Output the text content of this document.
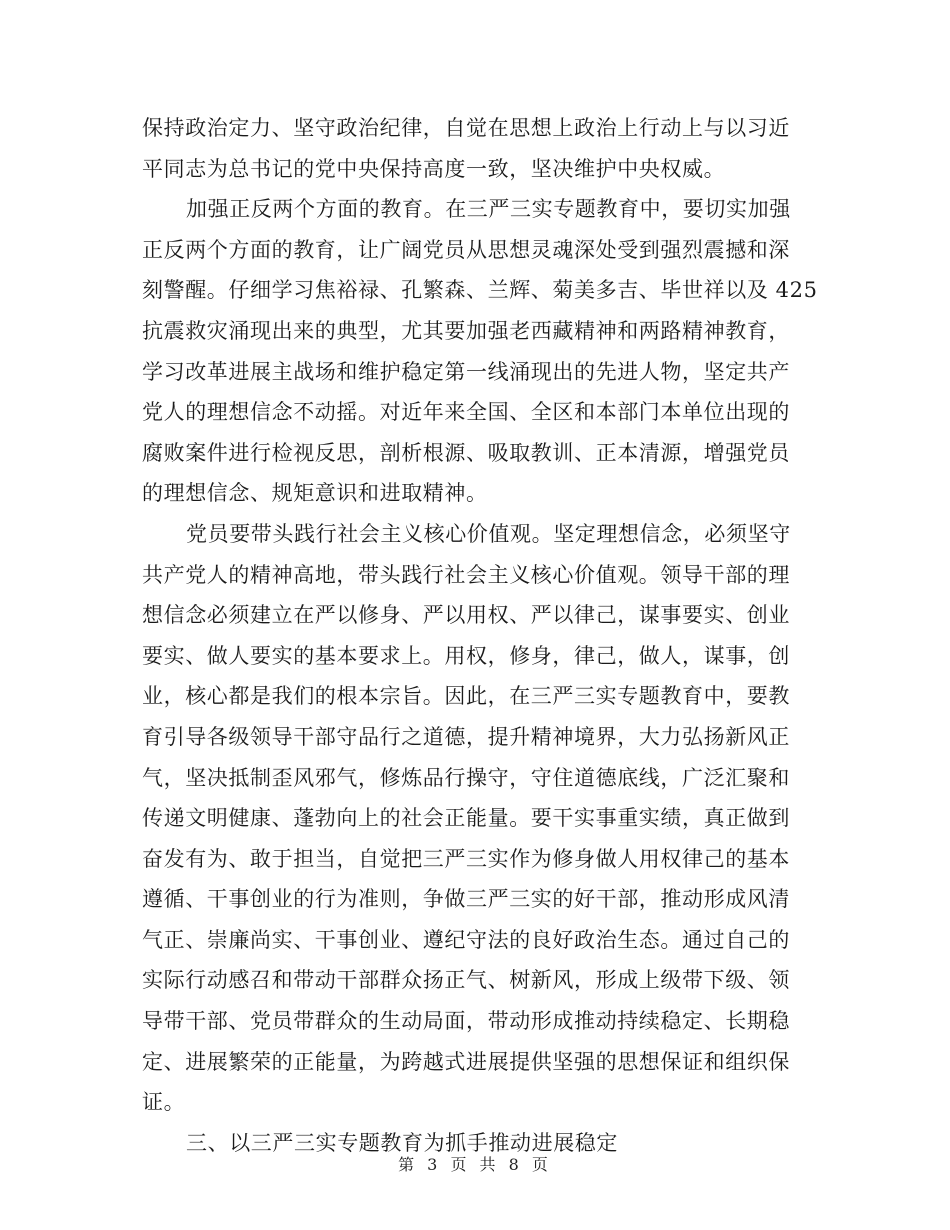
保持政治定力、坚守政治纪律，自觉在思想上政治上行动上与以习近
平同志为总书记的党中央保持高度一致，坚决维护中央权威。
加强正反两个方面的教育。在三严三实专题教育中，要切实加强
正反两个方面的教育，让广阔党员从思想灵魂深处受到强烈震撼和深
刻警醒。仔细学习焦裕禄、孔繁森、兰辉、菊美多吉、毕世祥以及 425
抗震救灾涌现出来的典型，尤其要加强老西藏精神和两路精神教育，
学习改革进展主战场和维护稳定第一线涌现出的先进人物，坚定共产
党人的理想信念不动摇。对近年来全国、全区和本部门本单位出现的
腐败案件进行检视反思，剖析根源、吸取教训、正本清源，增强党员
的理想信念、规矩意识和进取精神。
党员要带头践行社会主义核心价值观。坚定理想信念，必须坚守
共产党人的精神高地，带头践行社会主义核心价值观。领导干部的理
想信念必须建立在严以修身、严以用权、严以律己，谋事要实、创业
要实、做人要实的基本要求上。用权，修身，律己，做人，谋事，创
业，核心都是我们的根本宗旨。因此，在三严三实专题教育中，要教
育引导各级领导干部守品行之道德，提升精神境界，大力弘扬新风正
气，坚决抵制歪风邪气，修炼品行操守，守住道德底线，广泛汇聚和
传递文明健康、蓬勃向上的社会正能量。要干实事重实绩，真正做到
奋发有为、敢于担当，自觉把三严三实作为修身做人用权律己的基本
遵循、干事创业的行为准则，争做三严三实的好干部，推动形成风清
气正、崇廉尚实、干事创业、遵纪守法的良好政治生态。通过自己的
实际行动感召和带动干部群众扬正气、树新风，形成上级带下级、领
导带干部、党员带群众的生动局面，带动形成推动持续稳定、长期稳
定、进展繁荣的正能量，为跨越式进展提供坚强的思想保证和组织保
证。
三、以三严三实专题教育为抓手推动进展稳定
第 3 页 共 8 页
